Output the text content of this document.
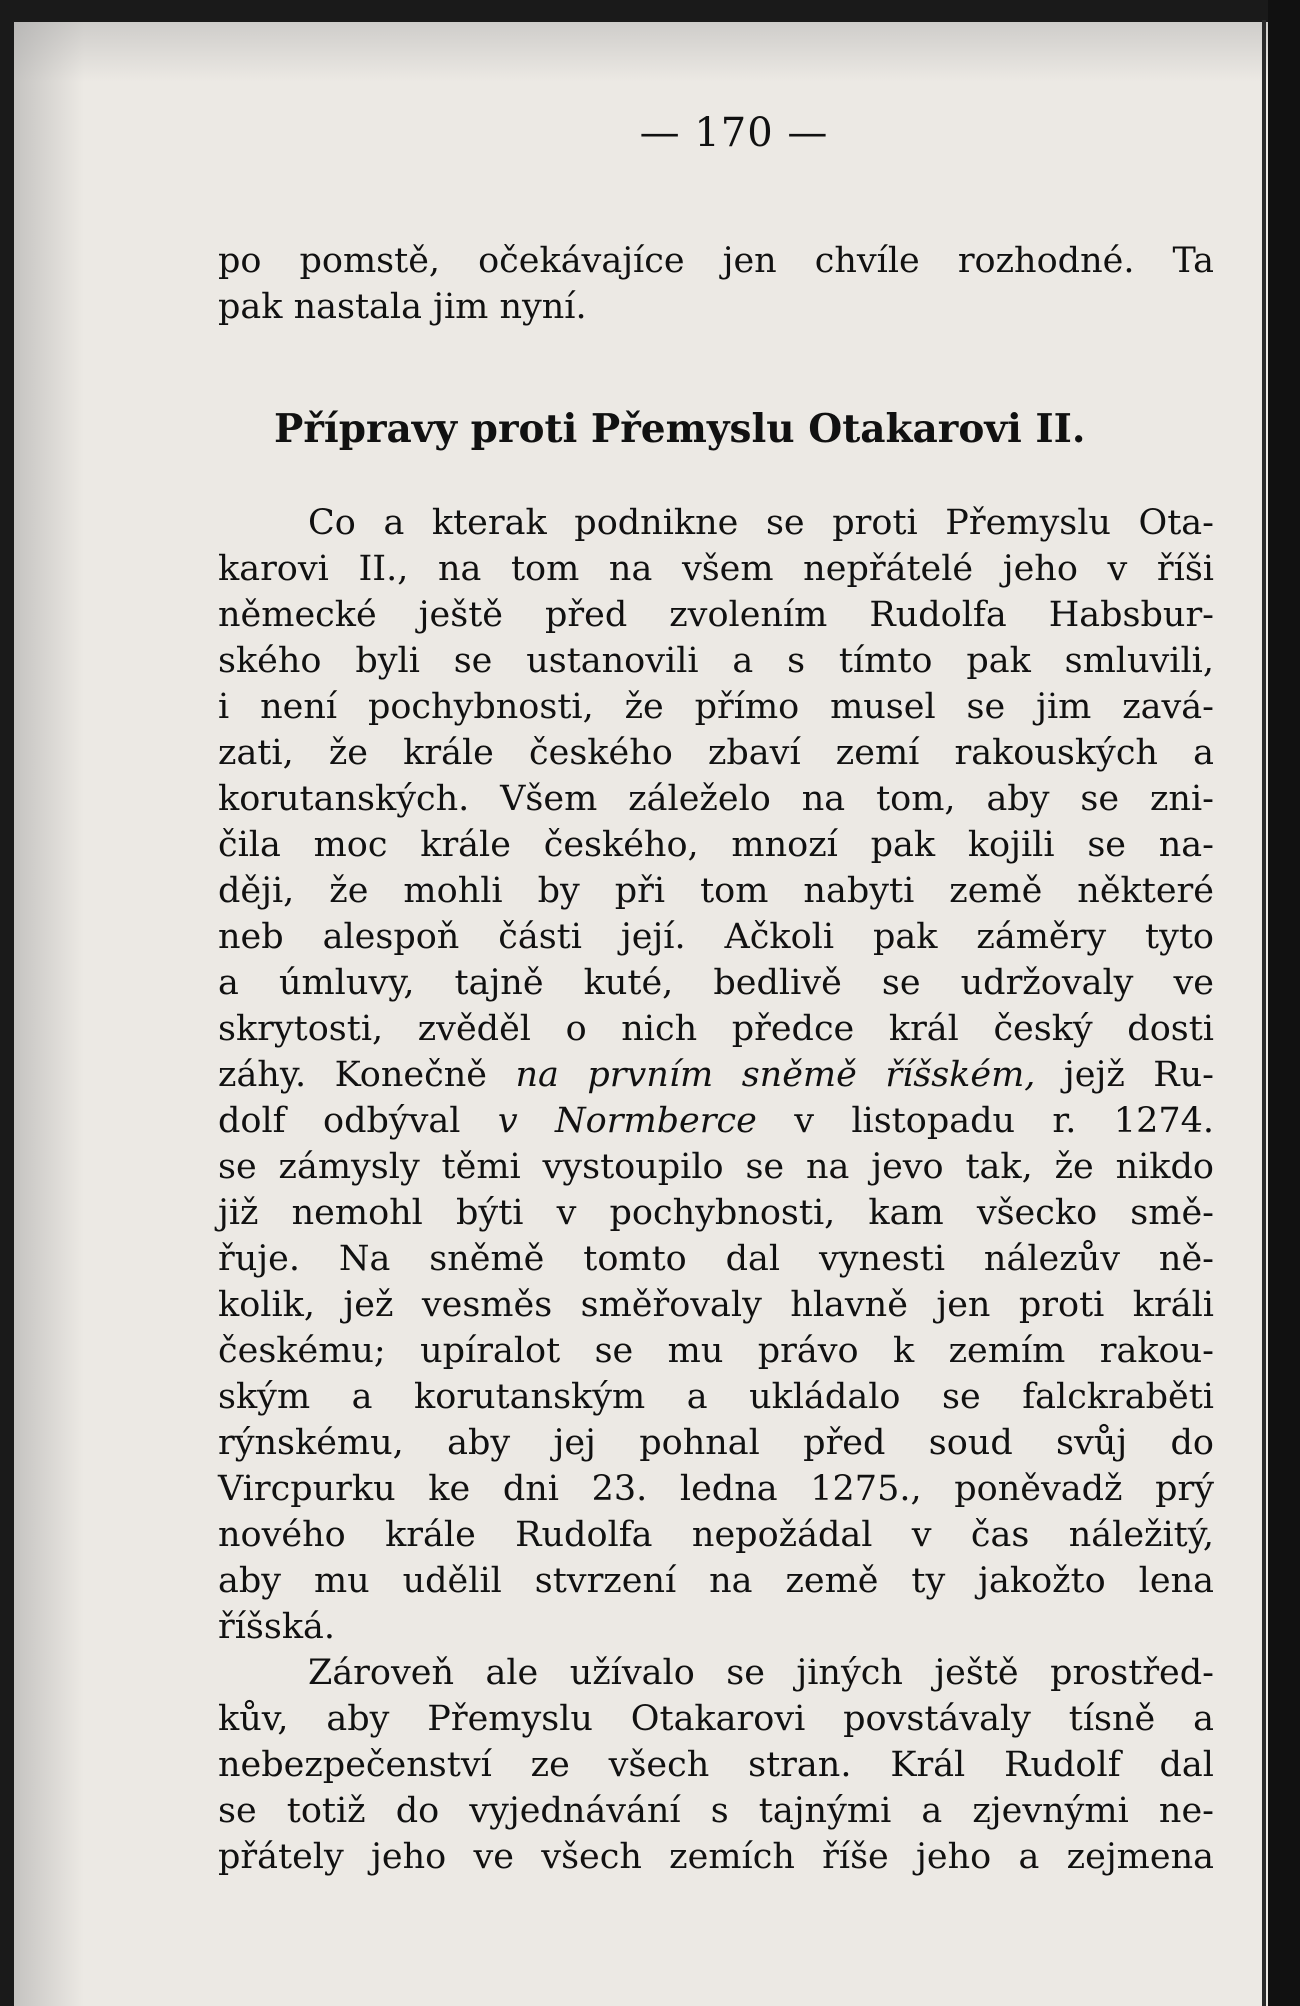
— 170 —
po pomstě, očekávajíce jen chvíle rozhodné. Ta
pak nastala jim nyní.
Co a kterak podnikne se proti Přemyslu Ota-
karovi II., na tom na všem nepřátelé jeho v říši
německé ještě před zvolením Rudolfa Habsbur-
ského byli se ustanovili a s tímto pak smluvili,
i není pochybnosti, že přímo musel se jim zavá-
zati, že krále českého zbaví zemí rakouských a
korutanských. Všem záleželo na tom, aby se zni-
čila moc krále českého, mnozí pak kojili se na-
ději, že mohli by při tom nabyti země některé
neb alespoň části její. Ačkoli pak záměry tyto
a úmluvy, tajně kuté, bedlivě se udržovaly ve
skrytosti, zvěděl o nich předce král český dosti
záhy. Konečně na prvním sněmě říšském, jejž Ru-
dolf odbýval v Normberce v listopadu r. 1274.
se zámysly těmi vystoupilo se na jevo tak, že nikdo
již nemohl býti v pochybnosti, kam všecko smě-
řuje. Na sněmě tomto dal vynesti nálezův ně-
kolik, jež vesměs směřovaly hlavně jen proti králi
českému; upíralot se mu právo k zemím rakou-
ským a korutanským a ukládalo se falckraběti
rýnskému, aby jej pohnal před soud svůj do
Vircpurku ke dni 23. ledna 1275., poněvadž prý
nového krále Rudolfa nepožádal v čas náležitý,
aby mu udělil stvrzení na země ty jakožto lena
říšská.
Zároveň ale užívalo se jiných ještě prostřed-
kův, aby Přemyslu Otakarovi povstávaly tísně a
nebezpečenství ze všech stran. Král Rudolf dal
se totiž do vyjednávání s tajnými a zjevnými ne-
přátely jeho ve všech zemích říše jeho a zejmena
Přípravy proti Přemyslu Otakarovi II.
